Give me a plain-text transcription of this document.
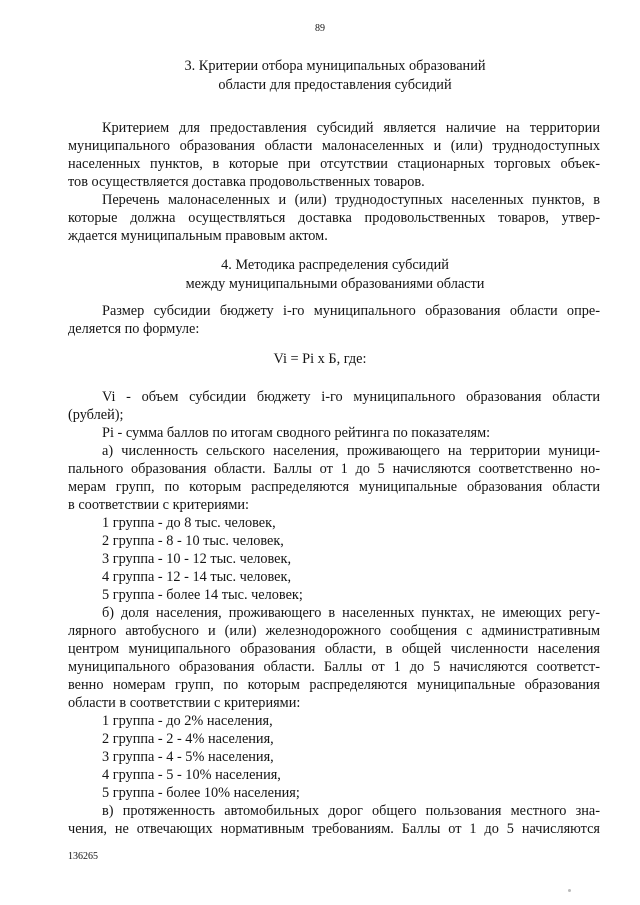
89
3. Критерии отбора муниципальных образований
области для предоставления субсидий
Критерием для предоставления субсидий является наличие на территории
муниципального образования области малонаселенных и (или) труднодоступных
населенных пунктов, в которые при отсутствии стационарных торговых объек-
тов осуществляется доставка продовольственных товаров.
Перечень малонаселенных и (или) труднодоступных населенных пунктов, в
которые должна осуществляться доставка продовольственных товаров, утвер-
ждается муниципальным правовым актом.
4. Методика распределения субсидий
между муниципальными образованиями области
Размер субсидии бюджету i-го муниципального образования области опре-
деляется по формуле:
Vi = Pi x Б, где:
Vi - объем субсидии бюджету i-го муниципального образования области
(рублей);
Pi - сумма баллов по итогам сводного рейтинга по показателям:
а) численность сельского населения, проживающего на территории муници-
пального образования области. Баллы от 1 до 5 начисляются соответственно но-
мерам групп, по которым распределяются муниципальные образования области
в соответствии с критериями:
1 группа - до 8 тыс. человек,
2 группа - 8 - 10 тыс. человек,
3 группа - 10 - 12 тыс. человек,
4 группа - 12 - 14 тыс. человек,
5 группа - более 14 тыс. человек;
б) доля населения, проживающего в населенных пунктах, не имеющих регу-
лярного автобусного и (или) железнодорожного сообщения с административным
центром муниципального образования области, в общей численности населения
муниципального образования области. Баллы от 1 до 5 начисляются соответст-
венно номерам групп, по которым распределяются муниципальные образования
области в соответствии с критериями:
1 группа - до 2% населения,
2 группа - 2 - 4% населения,
3 группа - 4 - 5% населения,
4 группа - 5 - 10% населения,
5 группа - более 10% населения;
в) протяженность автомобильных дорог общего пользования местного зна-
чения, не отвечающих нормативным требованиям. Баллы от 1 до 5 начисляются
136265
